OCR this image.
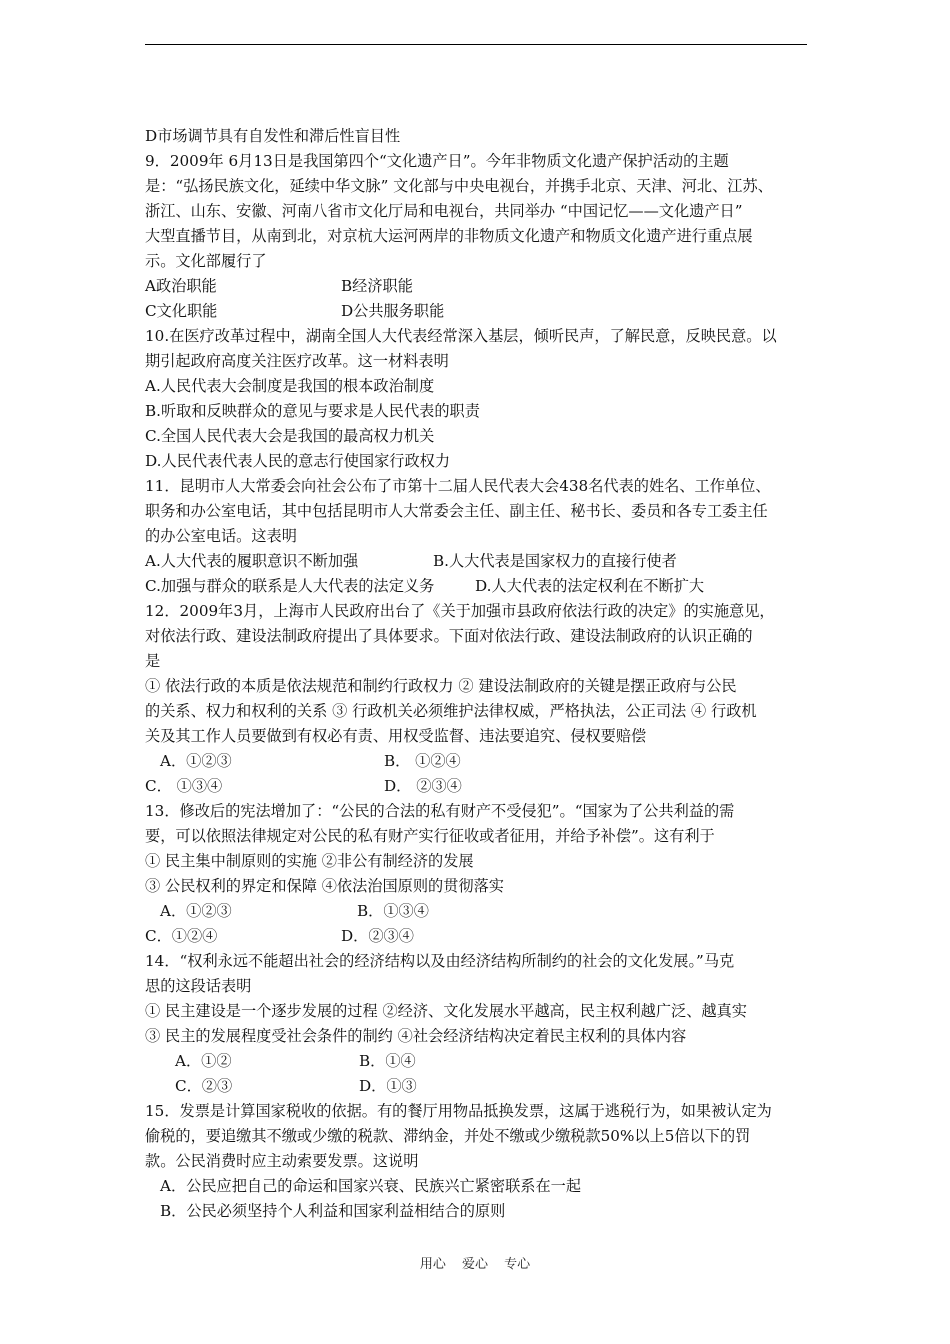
D市场调节具有自发性和滞后性盲目性
9．2009年 6月13日是我国第四个“文化遗产日”。今年非物质文化遗产保护活动的主题
是：“弘扬民族文化，延续中华文脉” 文化部与中央电视台，并携手北京、天津、河北、江苏、
浙江、山东、安徽、河南八省市文化厅局和电视台，共同举办 “中国记忆——文化遗产日”
大型直播节目，从南到北，对京杭大运河两岸的非物质文化遗产和物质文化遗产进行重点展
示。文化部履行了
A政治职能	B经济职能
C文化职能	D公共服务职能
10.在医疗改革过程中，湖南全国人大代表经常深入基层，倾听民声，了解民意，反映民意。以
期引起政府高度关注医疗改革。这一材料表明
A.人民代表大会制度是我国的根本政治制度
B.听取和反映群众的意见与要求是人民代表的职责
C.全国人民代表大会是我国的最高权力机关
D.人民代表代表人民的意志行使国家行政权力
11．昆明市人大常委会向社会公布了市第十二届人民代表大会438名代表的姓名、工作单位、
职务和办公室电话，其中包括昆明市人大常委会主任、副主任、秘书长、委员和各专工委主任
的办公室电话。这表明
A.人大代表的履职意识不断加强	B.人大代表是国家权力的直接行使者
C.加强与群众的联系是人大代表的法定义务	D.人大代表的法定权利在不断扩大
12．2009年3月，上海市人民政府出台了《关于加强市县政府依法行政的决定》的实施意见，
对依法行政、建设法制政府提出了具体要求。下面对依法行政、建设法制政府的认识正确的
是
① 依法行政的本质是依法规范和制约行政权力 ② 建设法制政府的关键是摆正政府与公民
的关系、权力和权利的关系 ③ 行政机关必须维护法律权威，严格执法，公正司法 ④ 行政机
关及其工作人员要做到有权必有责、用权受监督、违法要追究、侵权要赔偿
A．①②③	B． ①②④
C． ①③④	D． ②③④
13．修改后的宪法增加了：“公民的合法的私有财产不受侵犯”。“国家为了公共利益的需
要，可以依照法律规定对公民的私有财产实行征收或者征用，并给予补偿”。这有利于
① 民主集中制原则的实施 ②非公有制经济的发展
③ 公民权利的界定和保障 ④依法治国原则的贯彻落实
A．①②③	B．①③④
C．①②④	D．②③④
14．“权利永远不能超出社会的经济结构以及由经济结构所制约的社会的文化发展。”马克
思的这段话表明
① 民主建设是一个逐步发展的过程 ②经济、文化发展水平越高，民主权利越广泛、越真实
③ 民主的发展程度受社会条件的制约 ④社会经济结构决定着民主权利的具体内容
A．①②	B．①④
C．②③	D．①③
15．发票是计算国家税收的依据。有的餐厅用物品抵换发票，这属于逃税行为，如果被认定为
偷税的，要追缴其不缴或少缴的税款、滞纳金，并处不缴或少缴税款50%以上5倍以下的罚
款。公民消费时应主动索要发票。这说明
A．公民应把自己的命运和国家兴衰、民族兴亡紧密联系在一起
B．公民必须坚持个人利益和国家利益相结合的原则
用心 爱心 专心
